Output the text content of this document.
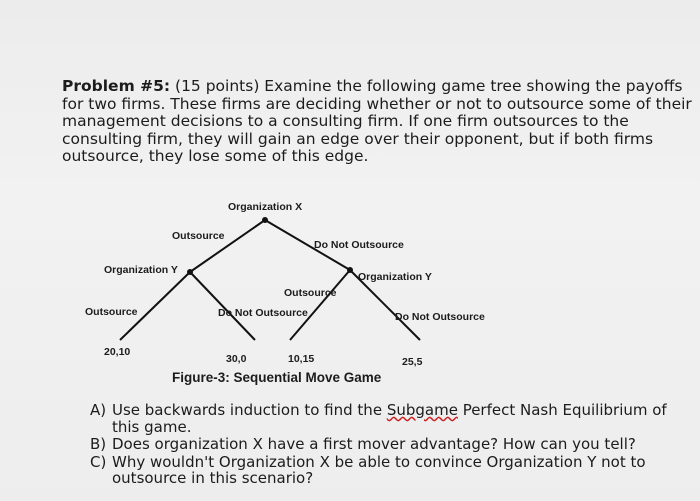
Problem #5: (15 points) Examine the following game tree showing the payoffs for two firms. These firms are deciding whether or not to outsource some of their management decisions to a consulting firm. If one firm outsources to the consulting firm, they will gain an edge over their opponent, but if both firms outsource, they lose some of this edge.
Organization X
Outsource
Do Not Outsource
Organization Y
Organization Y
Outsource
Outsource	Do Not Outsource	Do Not Outsource
20,10
30,0	10,15	25,5
Figure-3: Sequential Move Game
A) Use backwards induction to find the Subgame Perfect Nash Equilibrium of this game.
B) Does organization X have a first mover advantage? How can you tell?
C) Why wouldn't Organization X be able to convince Organization Y not to outsource in this scenario?
